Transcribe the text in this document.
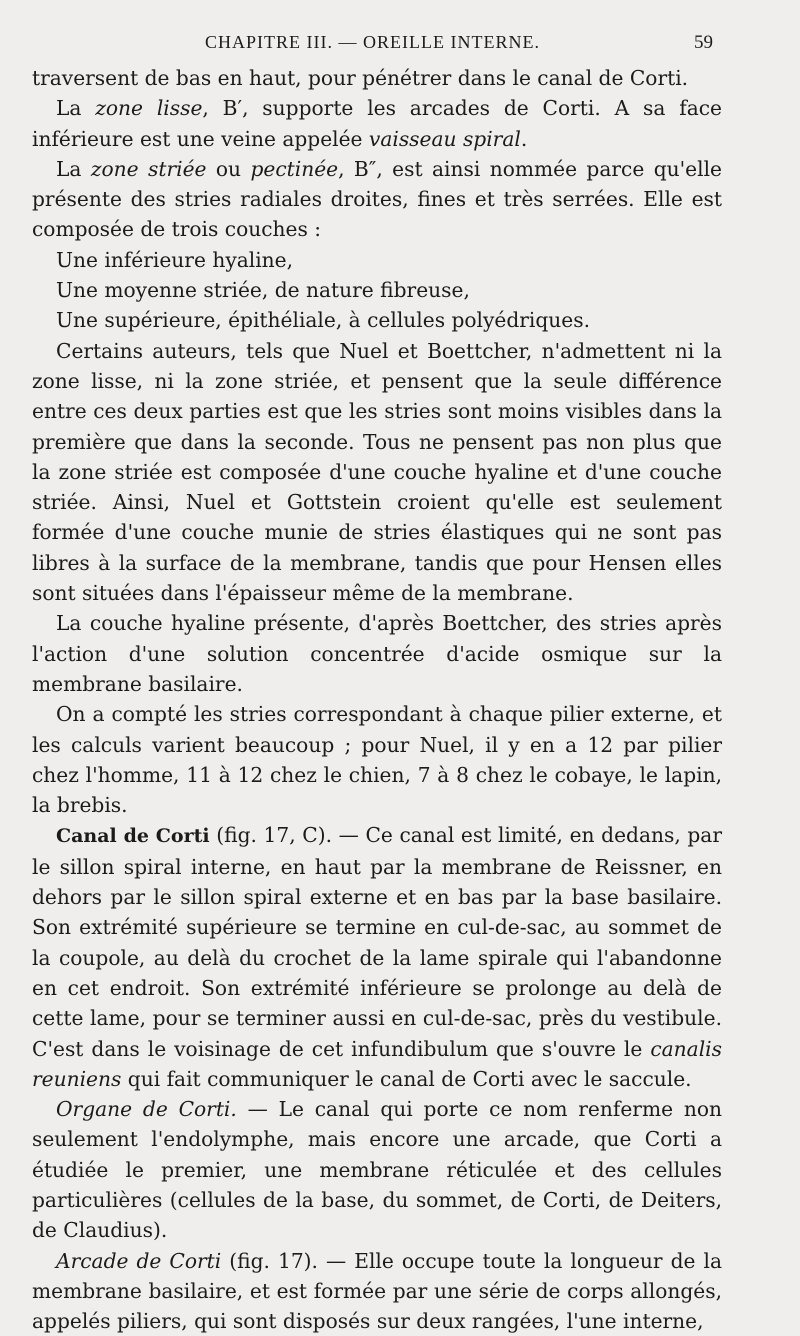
CHAPITRE III. — OREILLE INTERNE.	59

traversent de bas en haut, pour pénétrer dans le canal de Corti.

La zone lisse, B′, supporte les arcades de Corti. A sa face inférieure est une veine appelée vaisseau spiral.

La zone striée ou pectinée, B″, est ainsi nommée parce qu'elle présente des stries radiales droites, fines et très serrées. Elle est composée de trois couches :

Une inférieure hyaline,

Une moyenne striée, de nature fibreuse,

Une supérieure, épithéliale, à cellules polyédriques.

Certains auteurs, tels que Nuel et Boettcher, n'admettent ni la zone lisse, ni la zone striée, et pensent que la seule différence entre ces deux parties est que les stries sont moins visibles dans la première que dans la seconde. Tous ne pensent pas non plus que la zone striée est composée d'une couche hyaline et d'une couche striée. Ainsi, Nuel et Gottstein croient qu'elle est seulement formée d'une couche munie de stries élastiques qui ne sont pas libres à la surface de la membrane, tandis que pour Hensen elles sont situées dans l'épaisseur même de la membrane.

La couche hyaline présente, d'après Boettcher, des stries après l'action d'une solution concentrée d'acide osmique sur la membrane basilaire.

On a compté les stries correspondant à chaque pilier externe, et les calculs varient beaucoup ; pour Nuel, il y en a 12 par pilier chez l'homme, 11 à 12 chez le chien, 7 à 8 chez le cobaye, le lapin, la brebis.

Canal de Corti (fig. 17, C). — Ce canal est limité, en dedans, par le sillon spiral interne, en haut par la membrane de Reissner, en dehors par le sillon spiral externe et en bas par la base basilaire. Son extrémité supérieure se termine en cul-de-sac, au sommet de la coupole, au delà du crochet de la lame spirale qui l'abandonne en cet endroit. Son extrémité inférieure se prolonge au delà de cette lame, pour se terminer aussi en cul-de-sac, près du vestibule. C'est dans le voisinage de cet infundibulum que s'ouvre le canalis reuniens qui fait communiquer le canal de Corti avec le saccule.

Organe de Corti. — Le canal qui porte ce nom renferme non seulement l'endolymphe, mais encore une arcade, que Corti a étudiée le premier, une membrane réticulée et des cellules particulières (cellules de la base, du sommet, de Corti, de Deiters, de Claudius).

Arcade de Corti (fig. 17). — Elle occupe toute la longueur de la membrane basilaire, et est formée par une série de corps allongés, appelés piliers, qui sont disposés sur deux rangées, l'une interne,
